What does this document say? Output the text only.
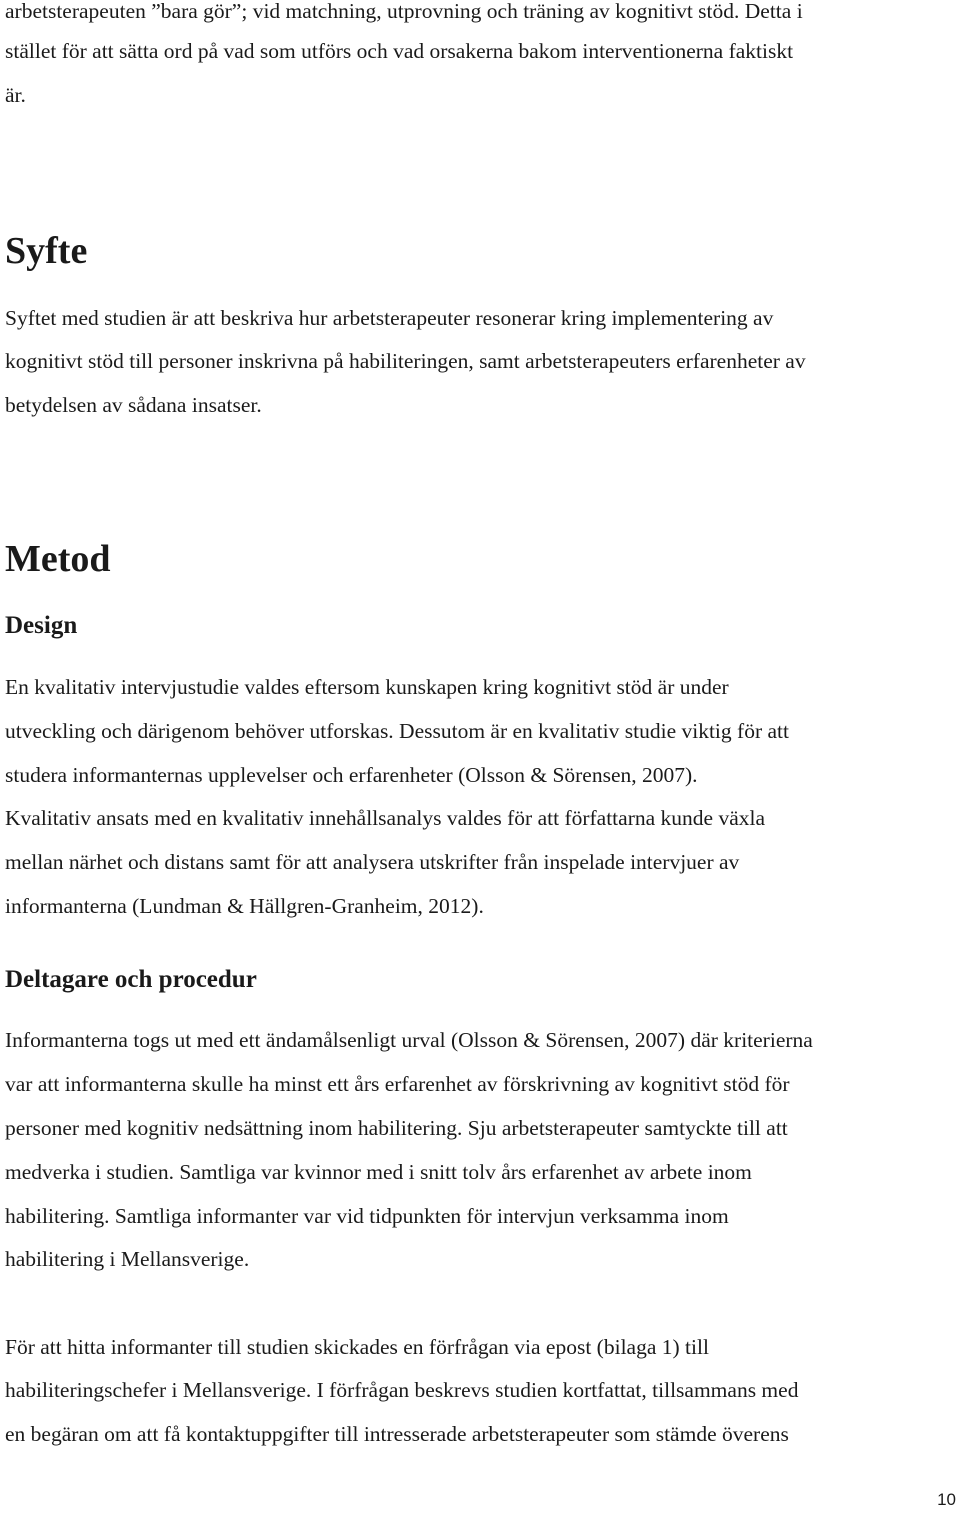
arbetsterapeuten ”bara gör”; vid matchning, utprovning och träning av kognitivt stöd. Detta i

stället för att sätta ord på vad som utförs och vad orsakerna bakom interventionerna faktiskt

är.

Syfte

Syftet med studien är att beskriva hur arbetsterapeuter resonerar kring implementering av

kognitivt stöd till personer inskrivna på habiliteringen, samt arbetsterapeuters erfarenheter av

betydelsen av sådana insatser.

Metod
Design

En kvalitativ intervjustudie valdes eftersom kunskapen kring kognitivt stöd är under

utveckling och därigenom behöver utforskas. Dessutom är en kvalitativ studie viktig för att

studera informanternas upplevelser och erfarenheter (Olsson & Sörensen, 2007).

Kvalitativ ansats med en kvalitativ innehållsanalys valdes för att författarna kunde växla

mellan närhet och distans samt för att analysera utskrifter från inspelade intervjuer av

informanterna (Lundman & Hällgren-Granheim, 2012).

Deltagare och procedur

Informanterna togs ut med ett ändamålsenligt urval (Olsson & Sörensen, 2007) där kriterierna

var att informanterna skulle ha minst ett års erfarenhet av förskrivning av kognitivt stöd för

personer med kognitiv nedsättning inom habilitering. Sju arbetsterapeuter samtyckte till att

medverka i studien. Samtliga var kvinnor med i snitt tolv års erfarenhet av arbete inom

habilitering. Samtliga informanter var vid tidpunkten för intervjun verksamma inom

habilitering i Mellansverige.

För att hitta informanter till studien skickades en förfrågan via epost (bilaga 1) till

habiliteringschefer i Mellansverige. I förfrågan beskrevs studien kortfattat, tillsammans med

en begäran om att få kontaktuppgifter till intresserade arbetsterapeuter som stämde överens

10
